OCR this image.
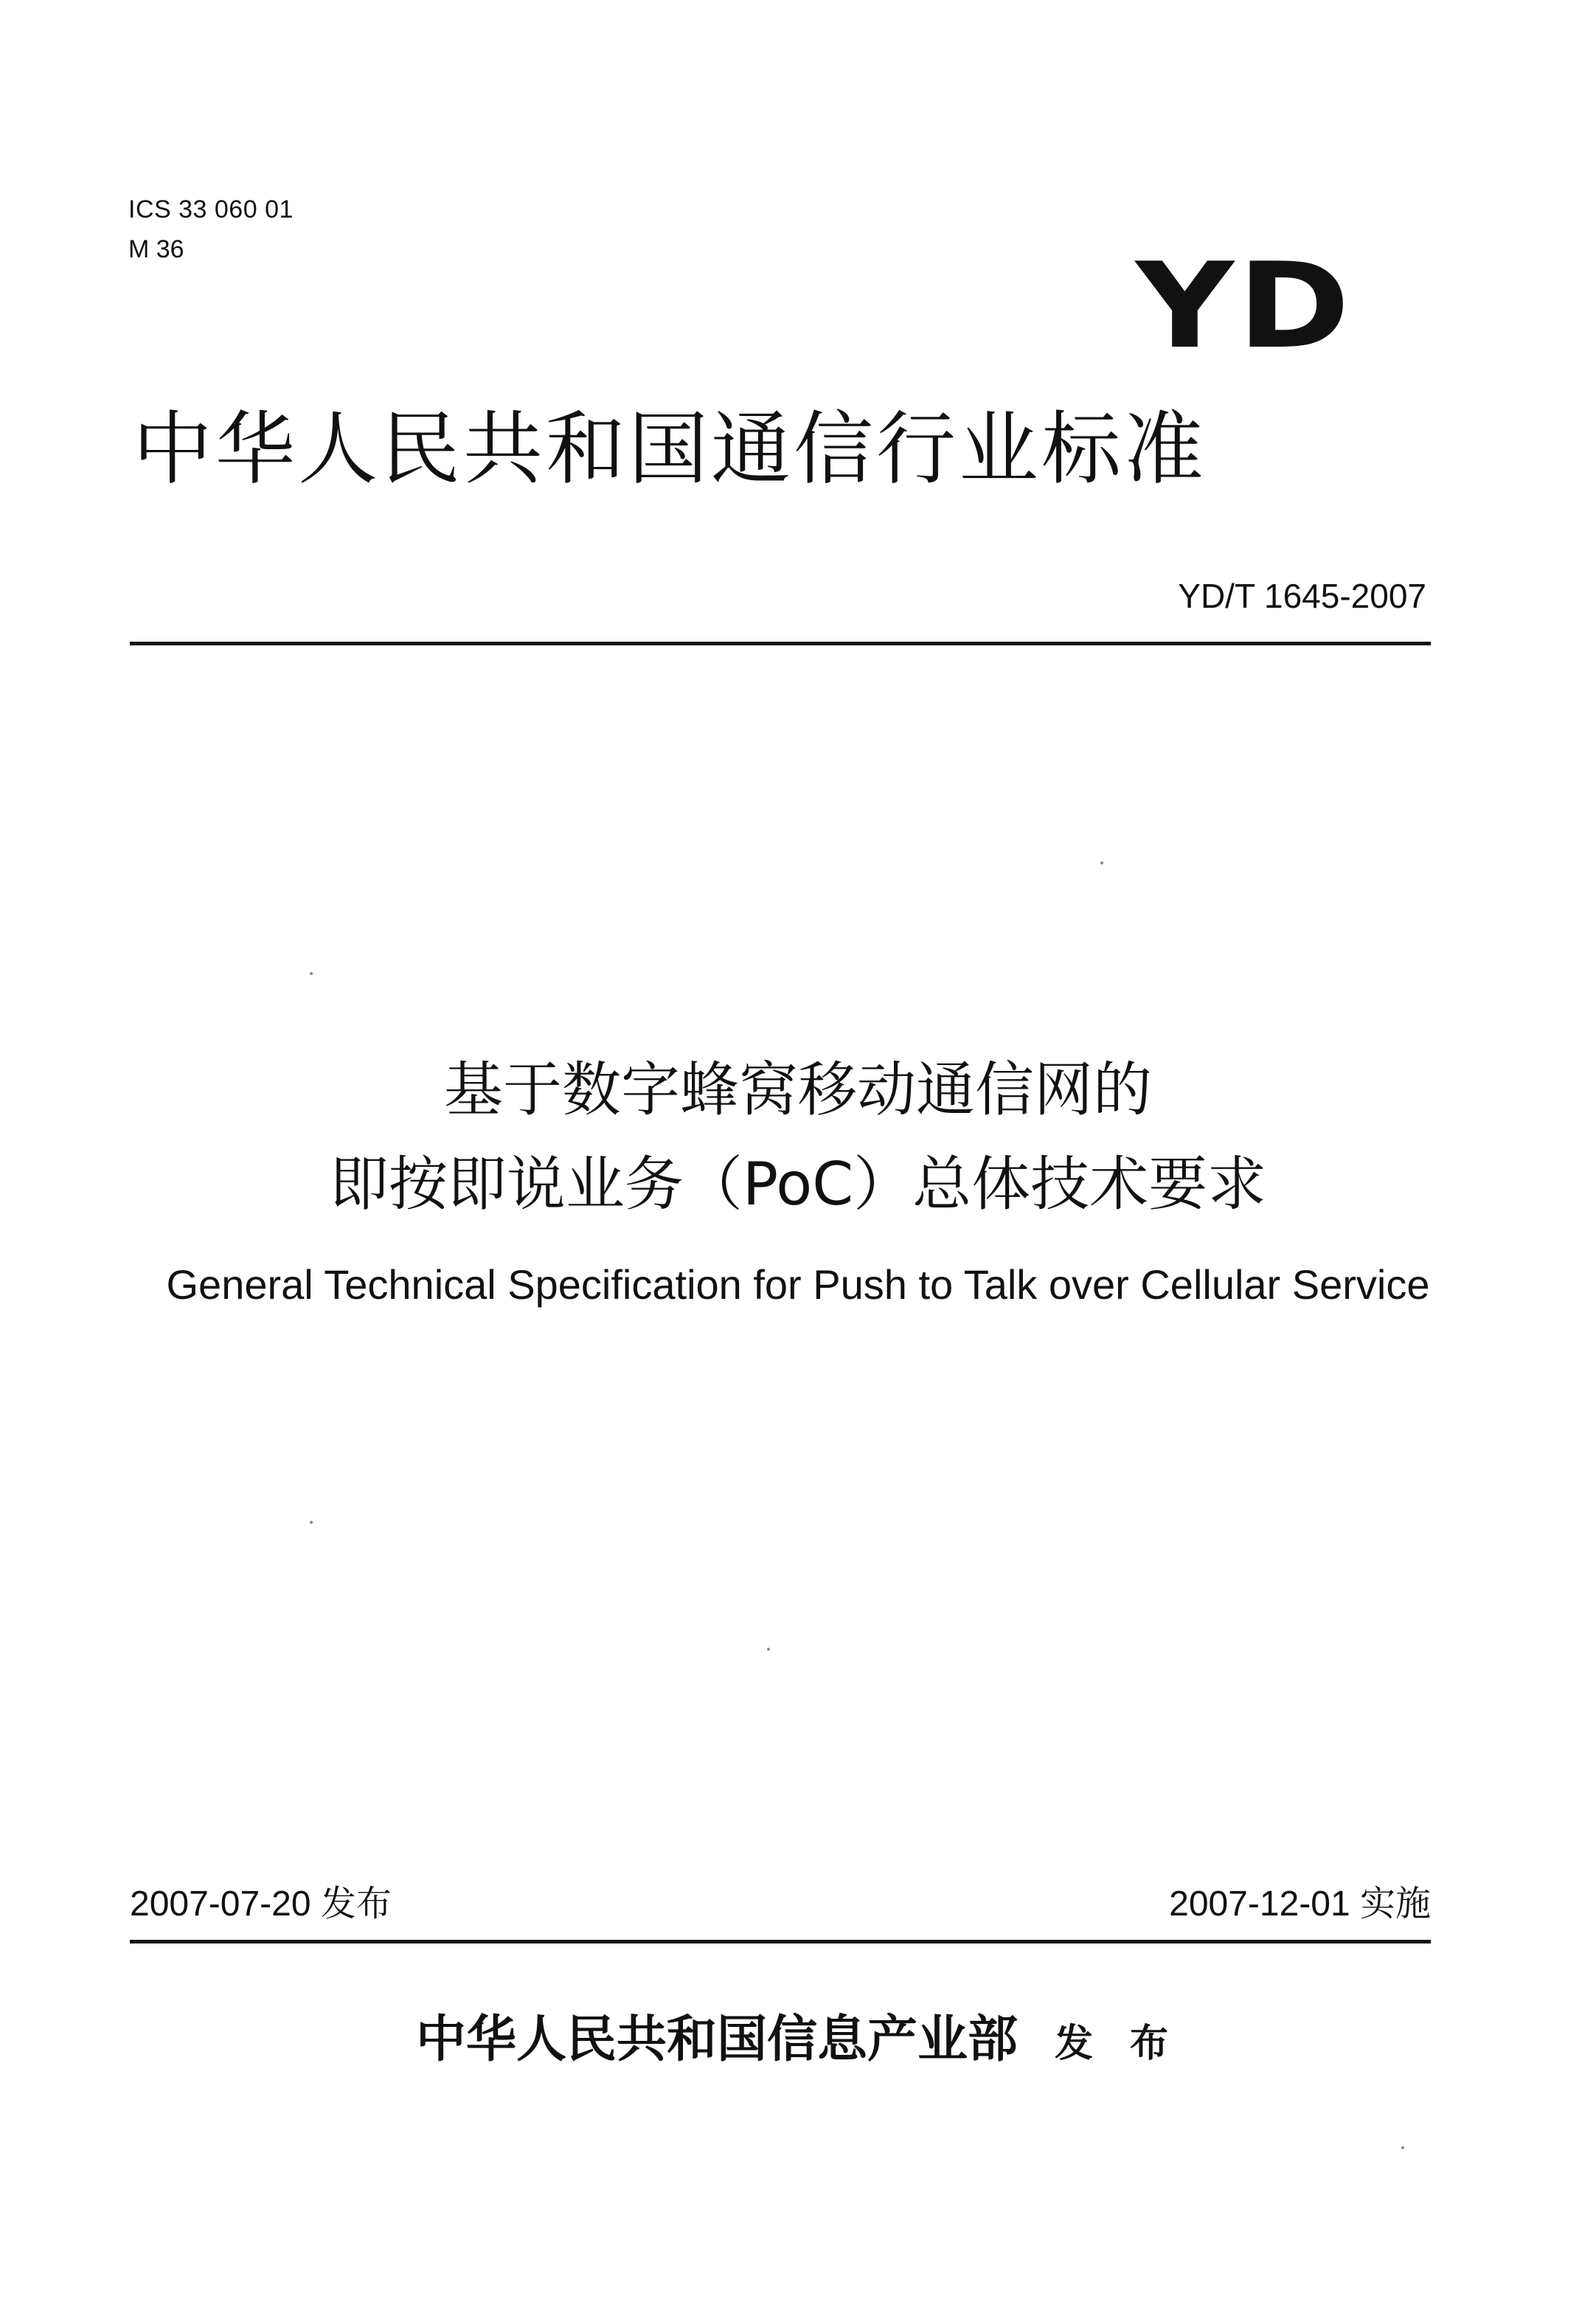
ICS 33 060 01
M 36	YD
中华人民共和国通信行业标准
YD/T 1645-2007
基于数字蜂窝移动通信网的
即按即说业务（PoC）总体技术要求
General Technical Specification for Push to Talk over Cellular Service
2007-07-20 发布	2007-12-01 实施
中华人民共和国信息产业部 发 布
